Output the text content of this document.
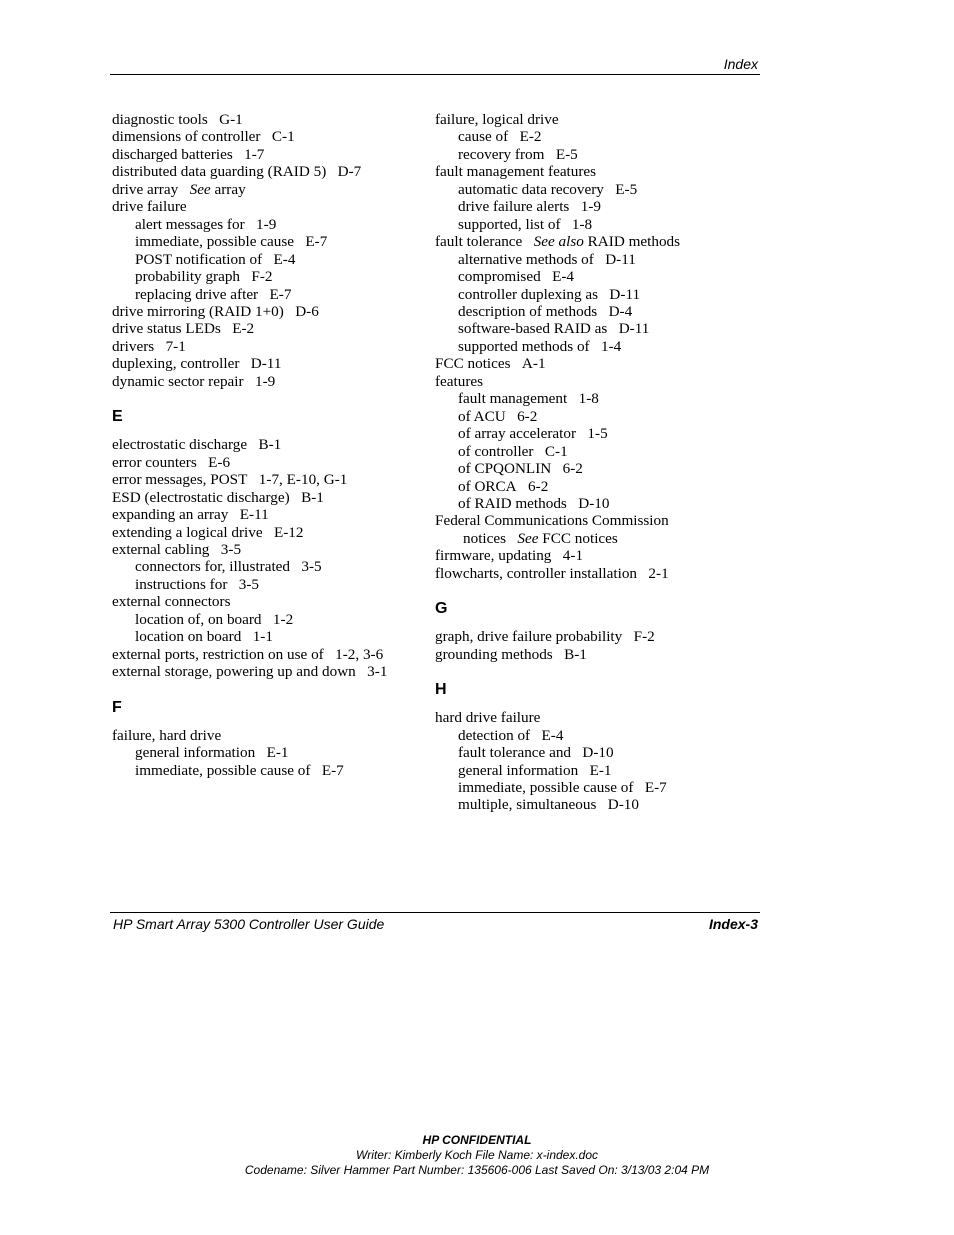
Index
diagnostic tools G-1
dimensions of controller C-1
discharged batteries 1-7
distributed data guarding (RAID 5) D-7
drive array See array
drive failure
alert messages for 1-9
immediate, possible cause E-7
POST notification of E-4
probability graph F-2
replacing drive after E-7
drive mirroring (RAID 1+0) D-6
drive status LEDs E-2
drivers 7-1
duplexing, controller D-11
dynamic sector repair 1-9
E
electrostatic discharge B-1
error counters E-6
error messages, POST 1-7, E-10, G-1
ESD (electrostatic discharge) B-1
expanding an array E-11
extending a logical drive E-12
external cabling 3-5
connectors for, illustrated 3-5
instructions for 3-5
external connectors
location of, on board 1-2
location on board 1-1
external ports, restriction on use of 1-2, 3-6
external storage, powering up and down 3-1
F
failure, hard drive
general information E-1
immediate, possible cause of E-7
failure, logical drive
cause of E-2
recovery from E-5
fault management features
automatic data recovery E-5
drive failure alerts 1-9
supported, list of 1-8
fault tolerance See also RAID methods
alternative methods of D-11
compromised E-4
controller duplexing as D-11
description of methods D-4
software-based RAID as D-11
supported methods of 1-4
FCC notices A-1
features
fault management 1-8
of ACU 6-2
of array accelerator 1-5
of controller C-1
of CPQONLIN 6-2
of ORCA 6-2
of RAID methods D-10
Federal Communications Commission
notices See FCC notices
firmware, updating 4-1
flowcharts, controller installation 2-1
G
graph, drive failure probability F-2
grounding methods B-1
H
hard drive failure
detection of E-4
fault tolerance and D-10
general information E-1
immediate, possible cause of E-7
multiple, simultaneous D-10
HP Smart Array 5300 Controller User Guide	Index-3
HP CONFIDENTIAL
Writer: Kimberly Koch File Name: x-index.doc
Codename: Silver Hammer Part Number: 135606-006 Last Saved On: 3/13/03 2:04 PM
